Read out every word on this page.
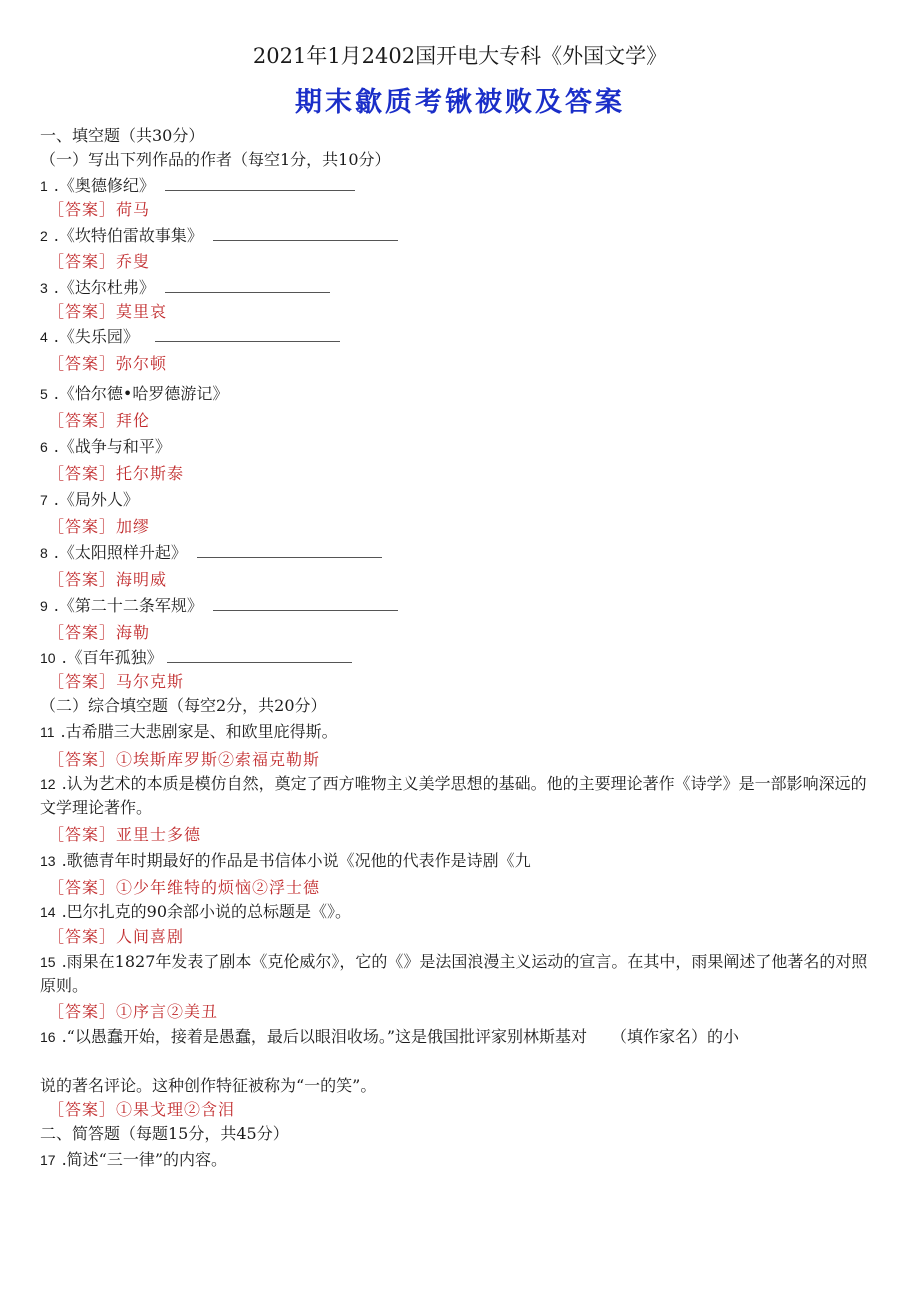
2021年1月2402国开电大专科《外国文学》
期末歙质考锹被败及答案
一、填空题（共30分）
（一）写出下列作品的作者（每空1分，共10分）
1 .《奥德修纪》
［答案］荷马
2 .《坎特伯雷故事集》
［答案］乔叟
3 .《达尔杜弗》
［答案］莫里哀
4 .《失乐园》
［答案］弥尔顿
5 .《恰尔德•哈罗德游记》
［答案］拜伦
6 .《战争与和平》
［答案］托尔斯泰
7 .《局外人》
［答案］加缪
8 .《太阳照样升起》
［答案］海明威
9 .《第二十二条军规》
［答案］海勒
10 .《百年孤独》
［答案］马尔克斯
（二）综合填空题（每空2分，共20分）
11 .古希腊三大悲剧家是、和欧里庇得斯。
［答案］①埃斯库罗斯②索福克勒斯
12 .认为艺术的本质是模仿自然，奠定了西方唯物主义美学思想的基础。他的主要理论著作《诗学》是一部影响深远的文学理论著作。
［答案］亚里士多德
13 .歌德青年时期最好的作品是书信体小说《况他的代表作是诗剧《九
［答案］①少年维特的烦恼②浮士德
14 .巴尔扎克的90余部小说的总标题是《》。
［答案］人间喜剧
15 .雨果在1827年发表了剧本《克伦威尔》，它的《》是法国浪漫主义运动的宣言。在其中，雨果阐述了他著名的对照原则。
［答案］①序言②美丑
16 .“以愚蠢开始，接着是愚蠢，最后以眼泪收场。”这是俄国批评家别林斯基对　　（填作家名）的小
说的著名评论。这种创作特征被称为“一的笑”。
［答案］①果戈理②含泪
二、简答题（每题15分，共45分）
17 .简述“三一律”的内容。
